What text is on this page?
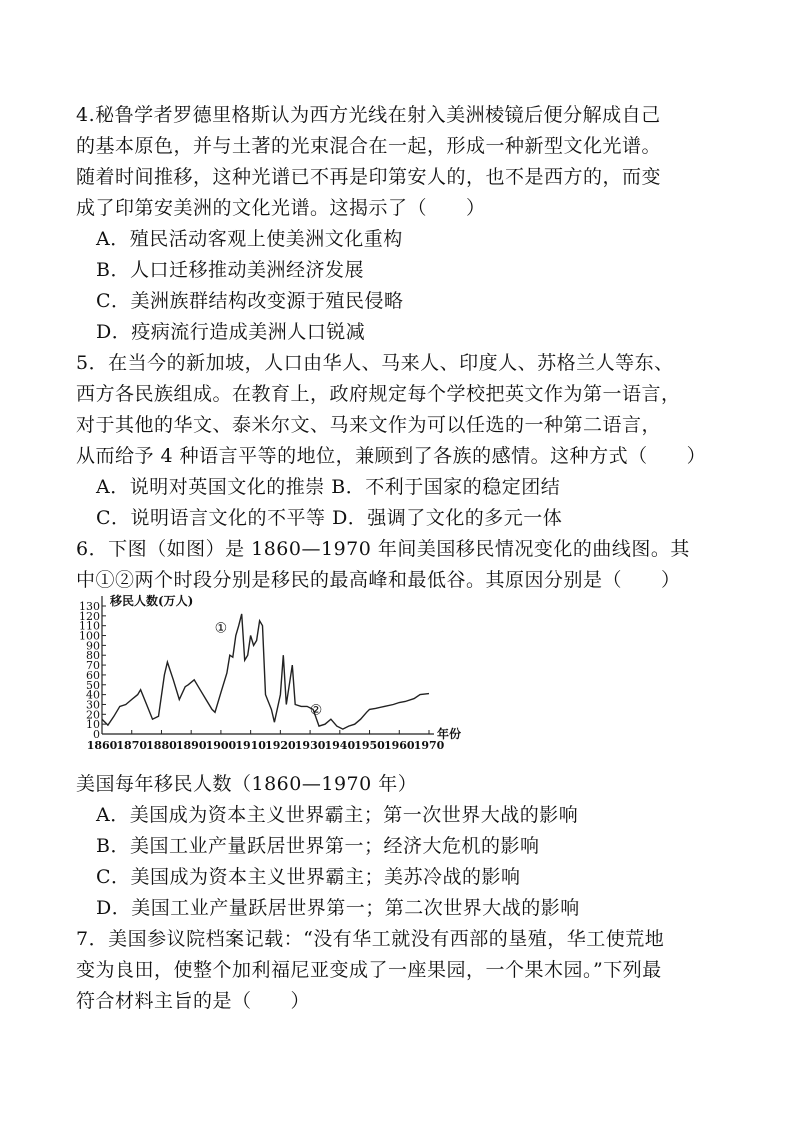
4.秘鲁学者罗德里格斯认为西方光线在射入美洲棱镜后便分解成自己
的基本原色，并与土著的光束混合在一起，形成一种新型文化光谱。
随着时间推移，这种光谱已不再是印第安人的，也不是西方的，而变
成了印第安美洲的文化光谱。这揭示了（　　）
A．殖民活动客观上使美洲文化重构
B．人口迁移推动美洲经济发展
C．美洲族群结构改变源于殖民侵略
D．疫病流行造成美洲人口锐减
5．在当今的新加坡，人口由华人、马来人、印度人、苏格兰人等东、
西方各民族组成。在教育上，政府规定每个学校把英文作为第一语言，
对于其他的华文、泰米尔文、马来文作为可以任选的一种第二语言，
从而给予 4 种语言平等的地位，兼顾到了各族的感情。这种方式（　　）
A．说明对英国文化的推崇 B．不利于国家的稳定团结
C．说明语言文化的不平等 D．强调了文化的多元一体
6．下图（如图）是 1860—1970 年间美国移民情况变化的曲线图。其
中①②两个时段分别是移民的最高峰和最低谷。其原因分别是（　　）
0
10
20
30
40
50
60
70
80
90
100
110
120
130
1860 1870 1880 1890 1900 1910 1920 1930 1940 1950 1960 1970
移民人数(万人)
年份
①
②
美国每年移民人数（1860—1970 年）
A．美国成为资本主义世界霸主；第一次世界大战的影响
B．美国工业产量跃居世界第一；经济大危机的影响
C．美国成为资本主义世界霸主；美苏冷战的影响
D．美国工业产量跃居世界第一；第二次世界大战的影响
7．美国参议院档案记载：“没有华工就没有西部的垦殖，华工使荒地
变为良田，使整个加利福尼亚变成了一座果园，一个果木园。”下列最
符合材料主旨的是（　　）
